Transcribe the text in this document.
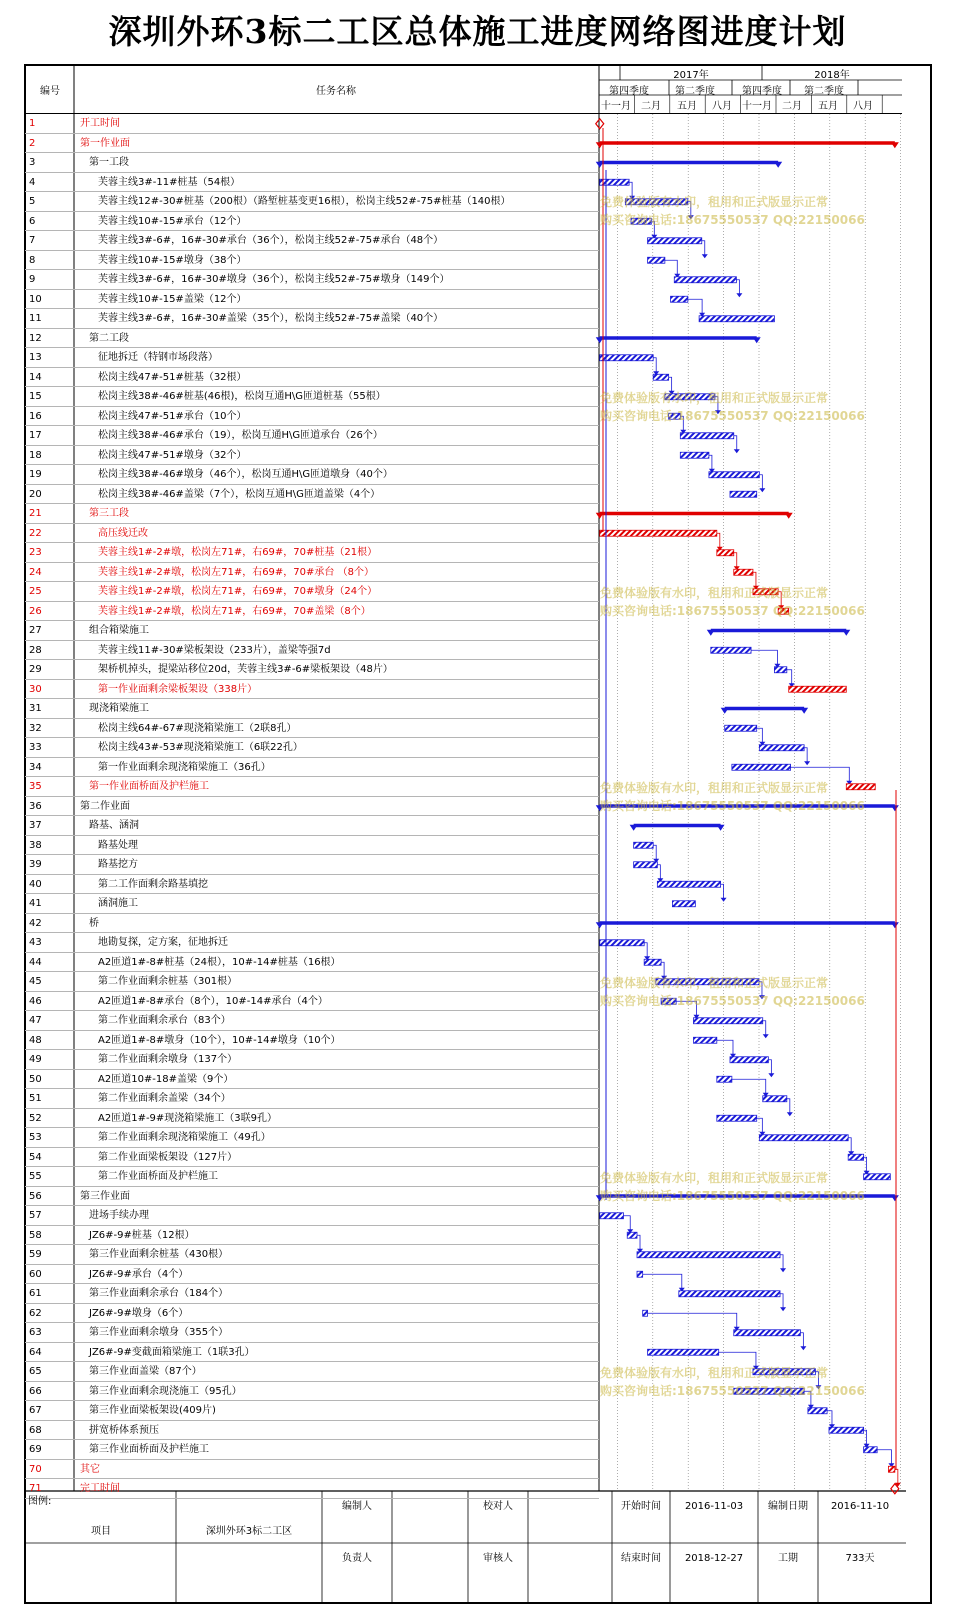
深圳外环3标二工区总体施工进度网络图进度计划
编号	任务名称
2017年	2018年
第四季度	第二季度	第四季度	第二季度
十一月	二月	五月	八月	十一月	二月	五月	八月
1	开工时间
2	第一作业面
3	第一工段
4	芙蓉主线3#-11#桩基（54根）
5	芙蓉主线12#-30#桩基（200根）（路堑桩基变更16根），松岗主线52#-75#桩基（140根）
6	芙蓉主线10#-15#承台（12个）
7	芙蓉主线3#-6#，16#-30#承台（36个），松岗主线52#-75#承台（48个）
8	芙蓉主线10#-15#墩身（38个）
9	芙蓉主线3#-6#，16#-30#墩身（36个），松岗主线52#-75#墩身（149个）
10	芙蓉主线10#-15#盖梁（12个）
11	芙蓉主线3#-6#，16#-30#盖梁（35个），松岗主线52#-75#盖梁（40个）
12	第二工段
13	征地拆迁（特钢市场段落）
14	松岗主线47#-51#桩基（32根）
15	松岗主线38#-46#桩基(46根)，松岗互通H\G匝道桩基（55根）
16	松岗主线47#-51#承台（10个）
17	松岗主线38#-46#承台（19），松岗互通H\G匝道承台（26个）
18	松岗主线47#-51#墩身（32个）
19	松岗主线38#-46#墩身（46个），松岗互通H\G匝道墩身（40个）
20	松岗主线38#-46#盖梁（7个），松岗互通H\G匝道盖梁（4个）
21	第三工段
22	高压线迁改
23	芙蓉主线1#-2#墩，松岗左71#，右69#，70#桩基（21根）
24	芙蓉主线1#-2#墩，松岗左71#，右69#，70#承台 （8个）
25	芙蓉主线1#-2#墩，松岗左71#，右69#，70#墩身（24个）
26	芙蓉主线1#-2#墩，松岗左71#，右69#，70#盖梁（8个）
27	组合箱梁施工
28	芙蓉主线11#-30#梁板架设（233片），盖梁等强7d
29	架桥机掉头，提梁站移位20d，芙蓉主线3#-6#梁板架设（48片）
30	第一作业面剩余梁板架设（338片）
31	现浇箱梁施工
32	松岗主线64#-67#现浇箱梁施工（2联8孔）
33	松岗主线43#-53#现浇箱梁施工（6联22孔）
34	第一作业面剩余现浇箱梁施工（36孔）
35	第一作业面桥面及护栏施工
36	第二作业面
37	路基、涵洞
38	路基处理
39	路基挖方
40	第二工作面剩余路基填挖
41	涵洞施工
42	桥
43	地勘复探，定方案，征地拆迁
44	A2匝道1#-8#桩基（24根），10#-14#桩基（16根）
45	第二作业面剩余桩基（301根）
46	A2匝道1#-8#承台（8个），10#-14#承台（4个）
47	第二作业面剩余承台（83个）
48	A2匝道1#-8#墩身（10个），10#-14#墩身（10个）
49	第二作业面剩余墩身（137个）
50	A2匝道10#-18#盖梁（9个）
51	第二作业面剩余盖梁（34个）
52	A2匝道1#-9#现浇箱梁施工（3联9孔）
53	第二作业面剩余现浇箱梁施工（49孔）
54	第二作业面梁板架设（127片）
55	第二作业面桥面及护栏施工
56	第三作业面
57	进场手续办理
58	JZ6#-9#桩基（12根）
59	第三作业面剩余桩基（430根）
60	JZ6#-9#承台（4个）
61	第三作业面剩余承台（184个）
62	JZ6#-9#墩身（6个）
63	第三作业面剩余墩身（355个）
64	JZ6#-9#变截面箱梁施工（1联3孔）
65	第三作业面盖梁（87个）
66	第三作业面剩余现浇施工（95孔）
67	第三作业面梁板架设(409片)
68	拼宽桥体系预压
69	第三作业面桥面及护栏施工
70	其它
71	完工时间
免费体验版有水印，租用和正式版显示正常
购买咨询电话:18675550537 QQ:22150066
免费体验版有水印，租用和正式版显示正常
购买咨询电话:18675550537 QQ:22150066
免费体验版有水印，租用和正式版显示正常
购买咨询电话:18675550537 QQ:22150066
免费体验版有水印，租用和正式版显示正常
购买咨询电话:18675550537 QQ:22150066
免费体验版有水印，租用和正式版显示正常
购买咨询电话:18675550537 QQ:22150066
免费体验版有水印，租用和正式版显示正常
购买咨询电话:18675550537 QQ:22150066
免费体验版有水印，租用和正式版显示正常
购买咨询电话:18675550537 QQ:22150066
图例:
项目	深圳外环3标二工区
编制人	校对人
负责人	审核人
开始时间	2016-11-03
结束时间	2018-12-27
编制日期	2016-11-10
工期	733天
